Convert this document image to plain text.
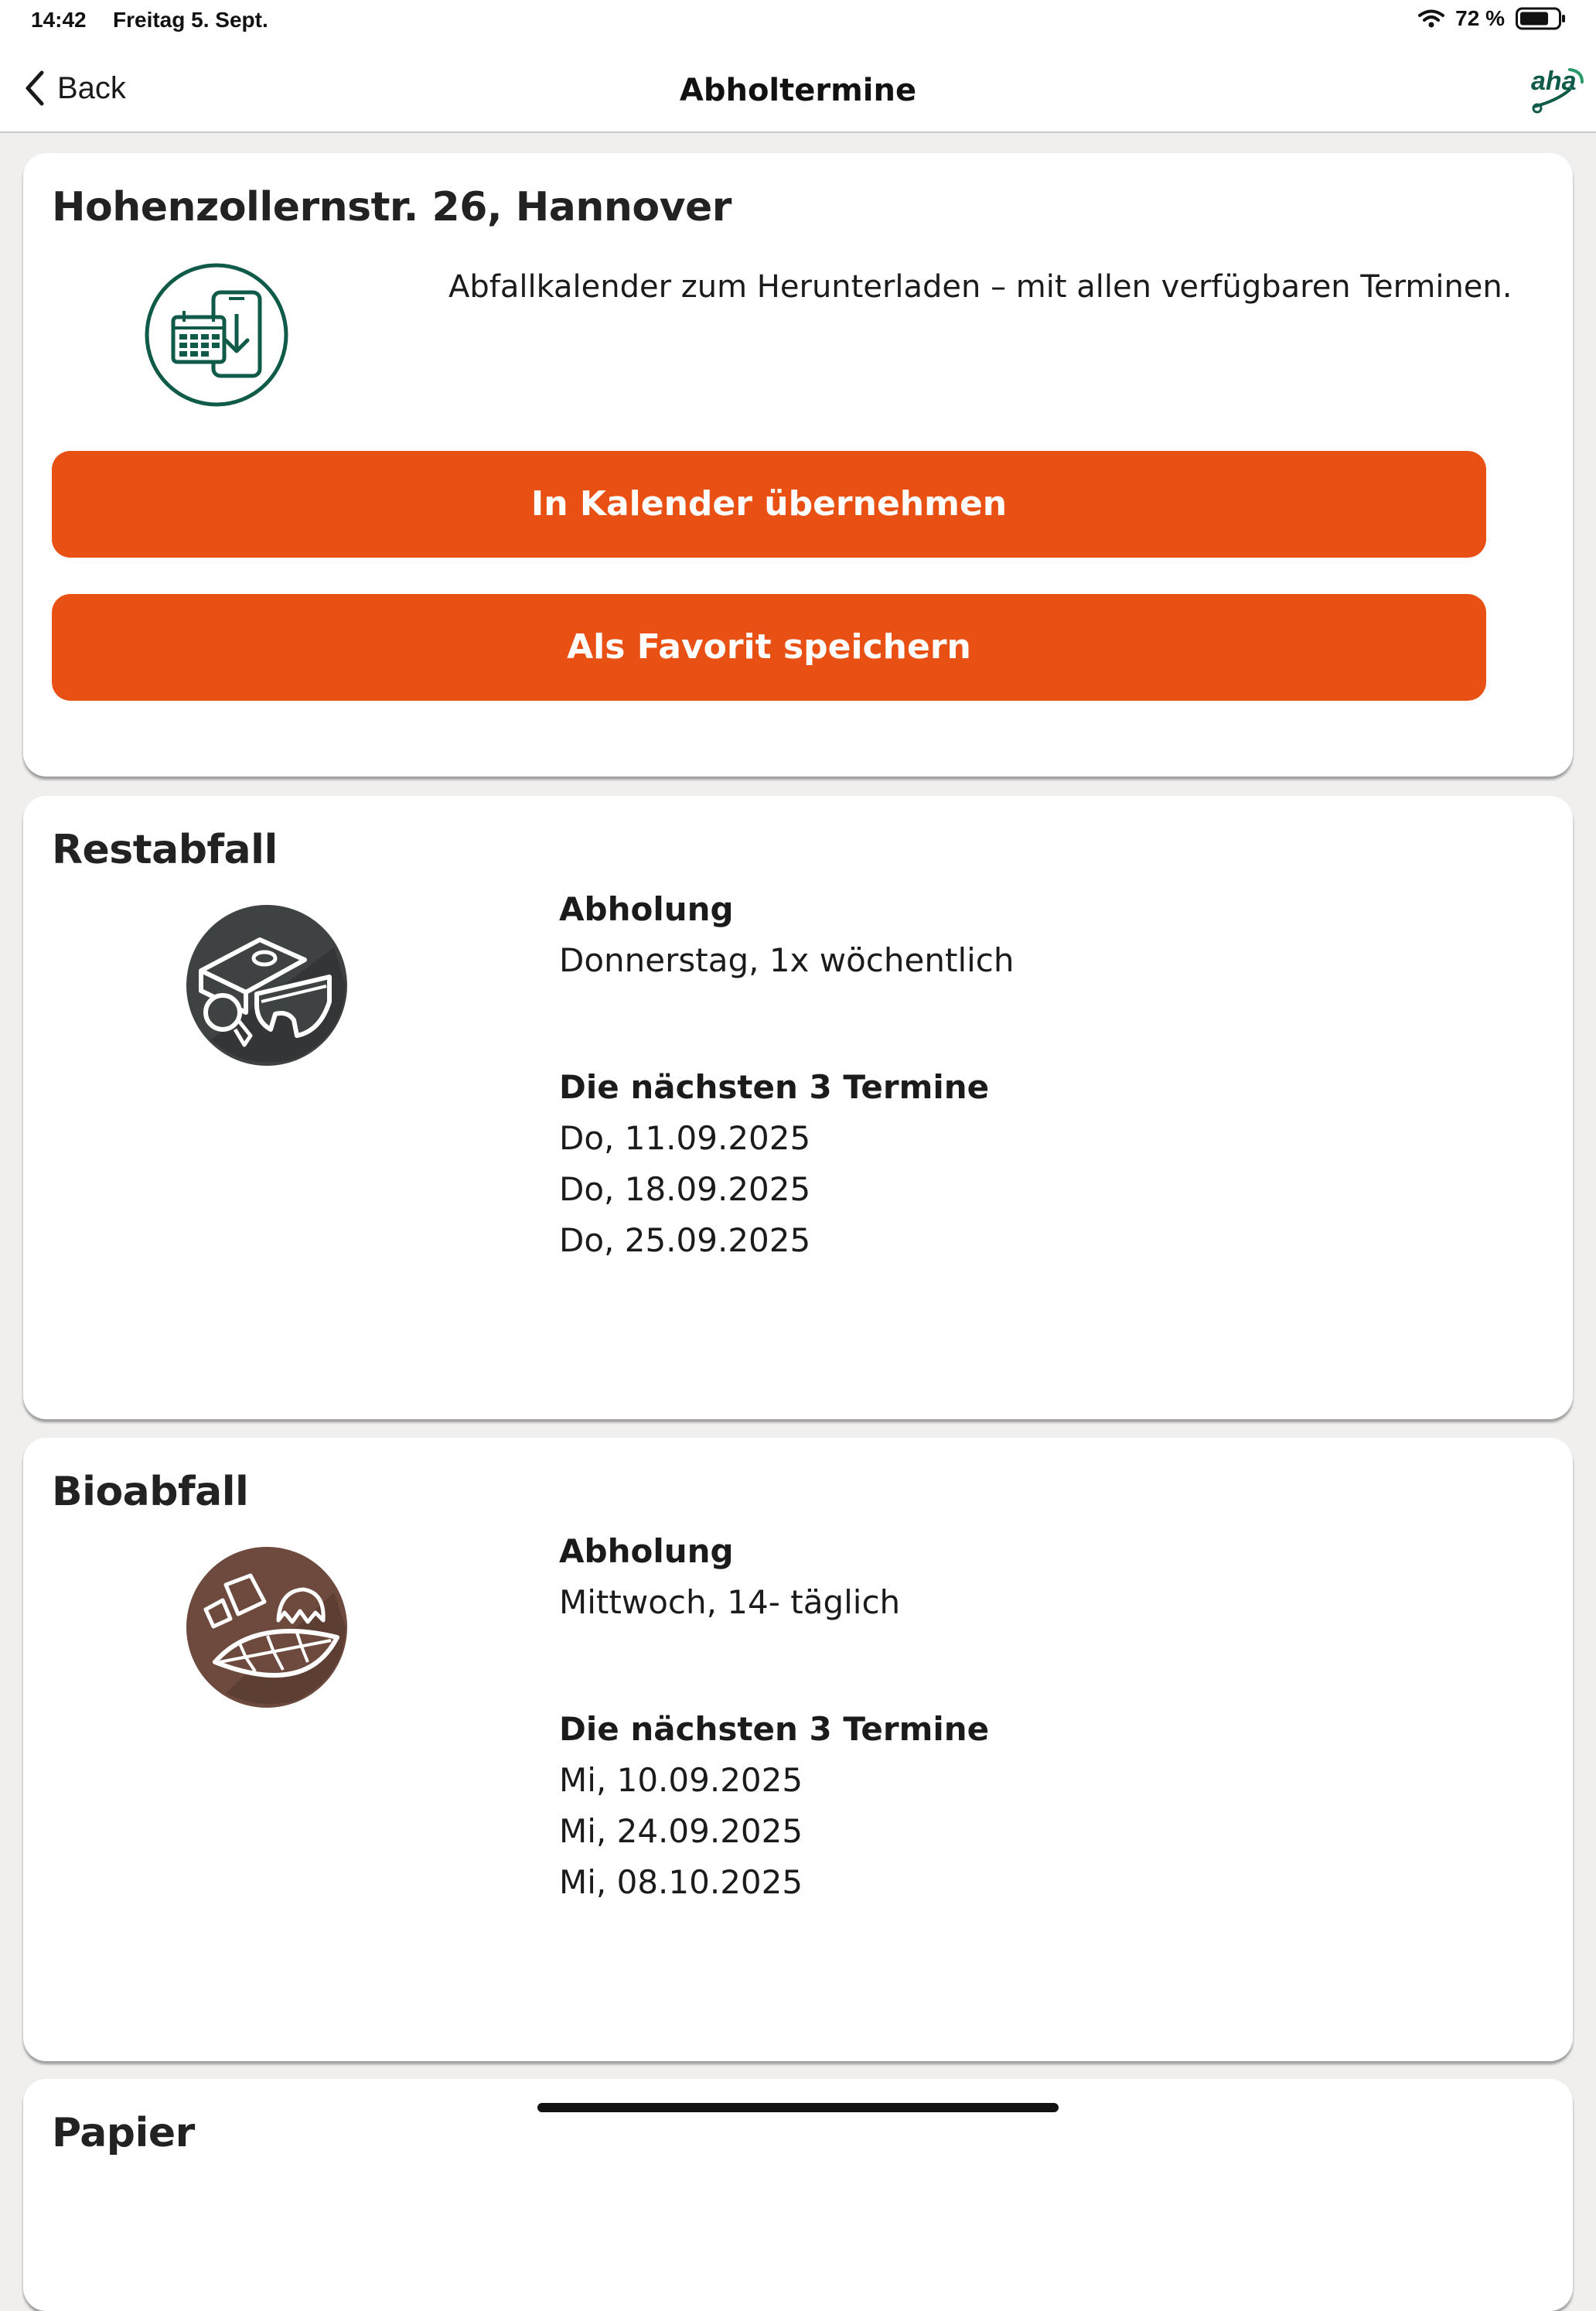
14:42 Freitag 5. Sept.	72 %
Back	Abholtermine	aha
Hohenzollernstr. 26, Hannover
Abfallkalender zum Herunterladen – mit allen verfügbaren Terminen.
In Kalender übernehmen
Als Favorit speichern
Restabfall
Abholung
Donnerstag, 1x wöchentlich
Die nächsten 3 Termine
Do, 11.09.2025
Do, 18.09.2025
Do, 25.09.2025
Bioabfall
Abholung
Mittwoch, 14- täglich
Die nächsten 3 Termine
Mi, 10.09.2025
Mi, 24.09.2025
Mi, 08.10.2025
Papier
